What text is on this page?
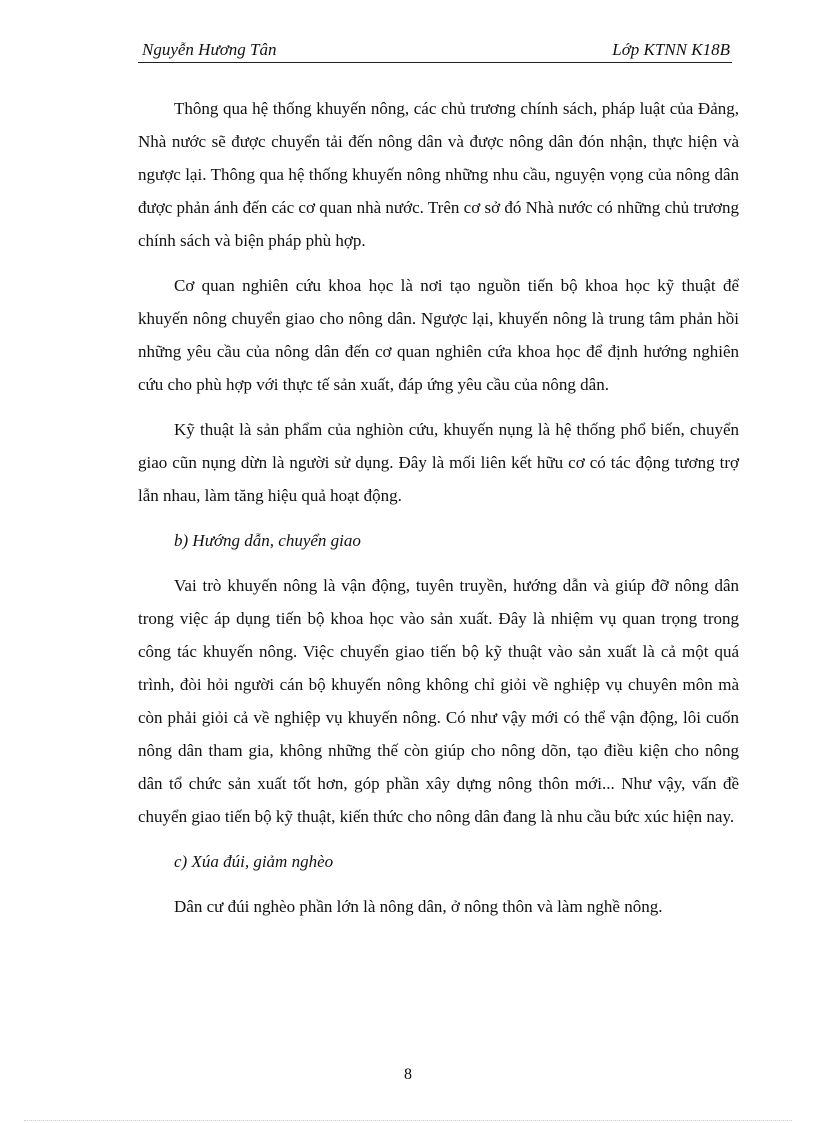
Nguyễn Hương Tân	Lớp KTNN K18B

Thông qua hệ thống khuyến nông, các chủ trương chính sách, pháp luật của Đảng, Nhà nước sẽ được chuyển tải đến nông dân và được nông dân đón nhận, thực hiện và ngược lại. Thông qua hệ thống khuyến nông những nhu cầu, nguyện vọng của nông dân được phản ánh đến các cơ quan nhà nước. Trên cơ sở đó Nhà nước có những chủ trương chính sách và biện pháp phù hợp.

Cơ quan nghiên cứu khoa học là nơi tạo nguồn tiến bộ khoa học kỹ thuật để khuyến nông chuyển giao cho nông dân. Ngược lại, khuyến nông là trung tâm phản hồi những yêu cầu của nông dân đến cơ quan nghiên cứa khoa học để định hướng nghiên cứu cho phù hợp với thực tế sản xuất, đáp ứng yêu cầu của nông dân.

Kỹ thuật là sản phẩm của nghiòn cứu, khuyến nụng là hệ thống phổ biến, chuyển giao cũn nụng dừn là người sử dụng. Đây là mối liên kết hữu cơ có tác động tương trợ lẫn nhau, làm tăng hiệu quả hoạt động.

b) Hướng dẫn, chuyển giao

Vai trò khuyến nông là vận động, tuyên truyền, hướng dẫn và giúp đỡ nông dân trong việc áp dụng tiến bộ khoa học vào sản xuất. Đây là nhiệm vụ quan trọng trong công tác khuyến nông. Việc chuyển giao tiến bộ kỹ thuật vào sản xuất là cả một quá trình, đòi hỏi người cán bộ khuyến nông không chỉ giỏi về nghiệp vụ chuyên môn mà còn phải giỏi cả về nghiệp vụ khuyến nông. Có như vậy mới có thể vận động, lôi cuốn nông dân tham gia, không những thế còn giúp cho nông dõn, tạo điều kiện cho nông dân tổ chức sản xuất tốt hơn, góp phần xây dựng nông thôn mới... Như vậy, vấn đề chuyển giao tiến bộ kỹ thuật, kiến thức cho nông dân đang là nhu cầu bức xúc hiện nay.

c) Xúa đúi, giảm nghèo

Dân cư đúi nghèo phần lớn là nông dân, ở nông thôn và làm nghề nông.

8
